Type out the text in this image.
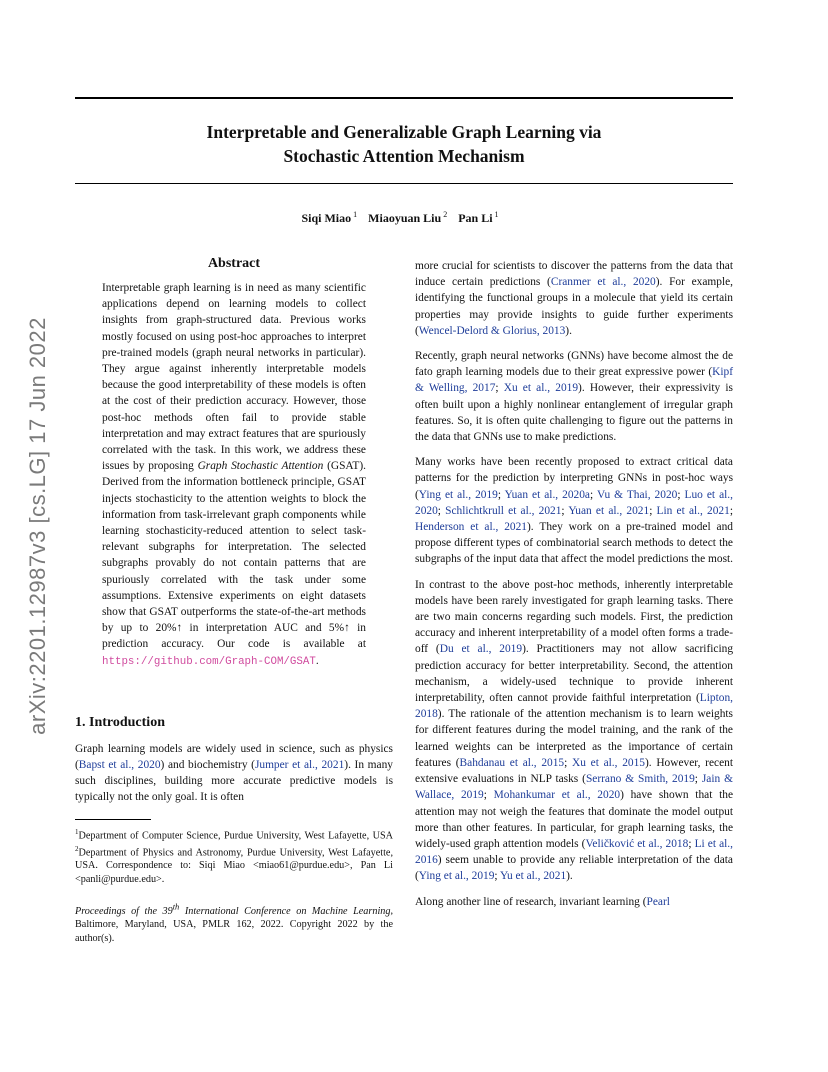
Interpretable and Generalizable Graph Learning via
Stochastic Attention Mechanism
Siqi Miao $^1$ Miaoyuan Liu $^2$ Pan Li $^1$
arXiv:2201.12987v3 [cs.LG] 17 Jun 2022
Abstract

Interpretable graph learning is in need as many scientific applications depend on learning models to collect insights from graph-structured data. Previous works mostly focused on using post-hoc approaches to interpret pre-trained models (graph neural networks in particular). They argue against inherently interpretable models because the good interpretability of these models is often at the cost of their prediction accuracy. However, those post-hoc methods often fail to provide stable interpretation and may extract features that are spuriously correlated with the task. In this work, we address these issues by proposing Graph Stochastic Attention (GSAT). Derived from the information bottleneck principle, GSAT injects stochasticity to the attention weights to block the information from task-irrelevant graph components while learning stochasticity-reduced attention to select task-relevant subgraphs for interpretation. The selected subgraphs provably do not contain patterns that are spuriously correlated with the task under some assumptions. Extensive experiments on eight datasets show that GSAT outperforms the state-of-the-art methods by up to 20%↑ in interpretation AUC and 5%↑ in prediction accuracy. Our code is available at https://github.com/Graph-COM/GSAT.

1. Introduction

Graph learning models are widely used in science, such as physics (Bapst et al., 2020) and biochemistry (Jumper et al., 2021). In many such disciplines, building more accurate predictive models is typically not the only goal. It is often

$^1$Department of Computer Science, Purdue University, West Lafayette, USA $^2$Department of Physics and Astronomy, Purdue University, West Lafayette, USA. Correspondence to: Siqi Miao <miao61@purdue.edu>, Pan Li <panli@purdue.edu>.

Proceedings of the 39th International Conference on Machine Learning, Baltimore, Maryland, USA, PMLR 162, 2022. Copyright 2022 by the author(s).

more crucial for scientists to discover the patterns from the data that induce certain predictions (Cranmer et al., 2020). For example, identifying the functional groups in a molecule that yield its certain properties may provide insights to guide further experiments (Wencel-Delord & Glorius, 2013).

Recently, graph neural networks (GNNs) have become almost the de fato graph learning models due to their great expressive power (Kipf & Welling, 2017; Xu et al., 2019). However, their expressivity is often built upon a highly nonlinear entanglement of irregular graph features. So, it is often quite challenging to figure out the patterns in the data that GNNs use to make predictions.

Many works have been recently proposed to extract critical data patterns for the prediction by interpreting GNNs in post-hoc ways (Ying et al., 2019; Yuan et al., 2020a; Vu & Thai, 2020; Luo et al., 2020; Schlichtkrull et al., 2021; Yuan et al., 2021; Lin et al., 2021; Henderson et al., 2021). They work on a pre-trained model and propose different types of combinatorial search methods to detect the subgraphs of the input data that affect the model predictions the most.

In contrast to the above post-hoc methods, inherently interpretable models have been rarely investigated for graph learning tasks. There are two main concerns regarding such models. First, the prediction accuracy and inherent interpretability of a model often forms a trade-off (Du et al., 2019). Practitioners may not allow sacrificing prediction accuracy for better interpretability. Second, the attention mechanism, a widely-used technique to provide inherent interpretability, often cannot provide faithful interpretation (Lipton, 2018). The rationale of the attention mechanism is to learn weights for different features during the model training, and the rank of the learned weights can be interpreted as the importance of certain features (Bahdanau et al., 2015; Xu et al., 2015). However, recent extensive evaluations in NLP tasks (Serrano & Smith, 2019; Jain & Wallace, 2019; Mohankumar et al., 2020) have shown that the attention may not weigh the features that dominate the model output more than other features. In particular, for graph learning tasks, the widely-used graph attention models (Veličković et al., 2018; Li et al., 2016) seem unable to provide any reliable interpretation of the data (Ying et al., 2019; Yu et al., 2021).

Along another line of research, invariant learning (Pearl
